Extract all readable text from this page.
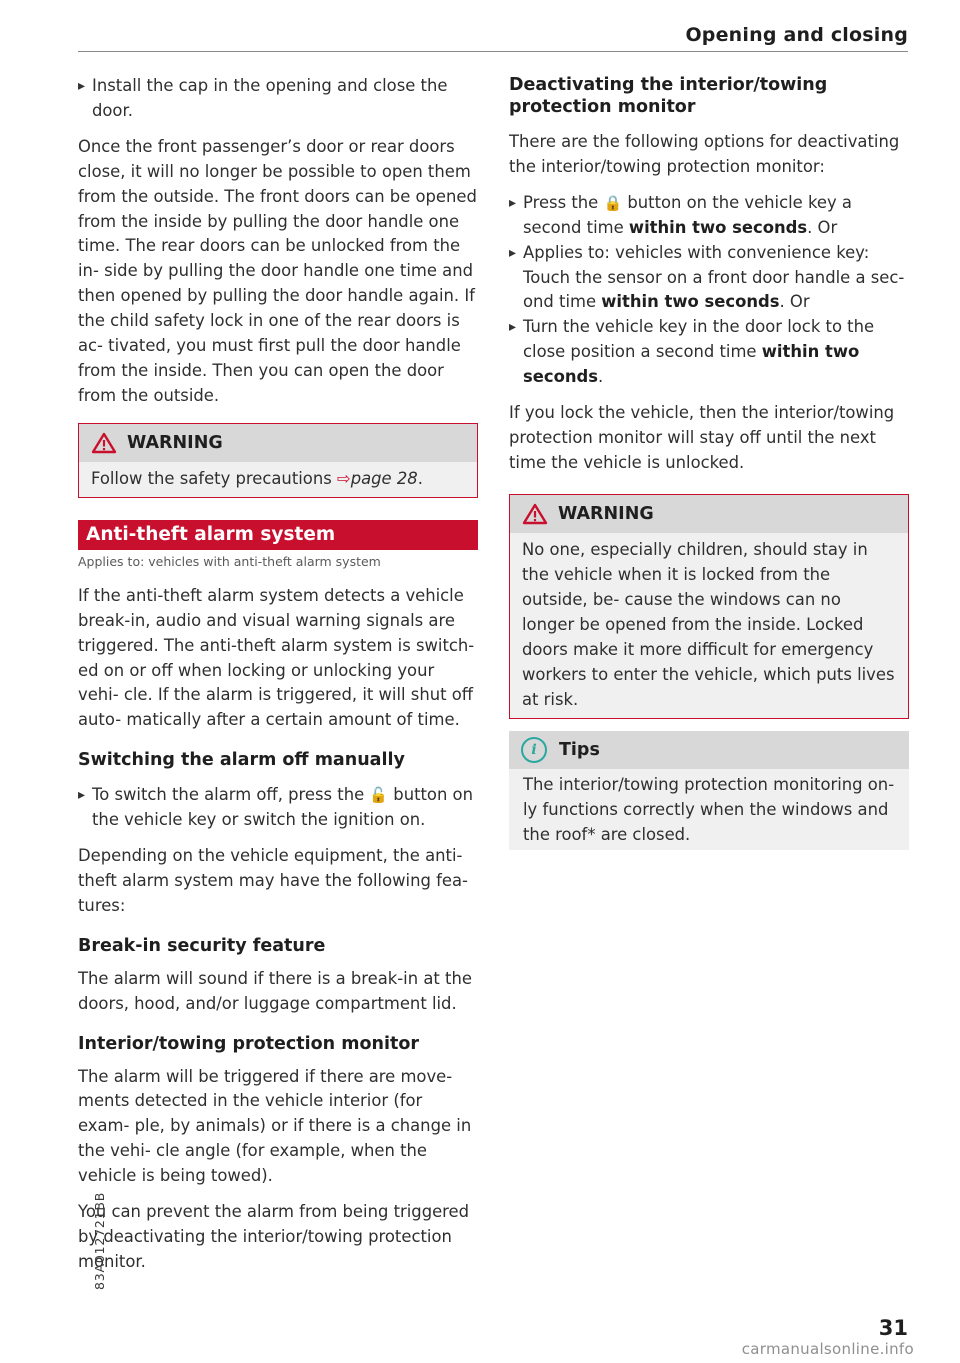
Opening and closing

▸ Install the cap in the opening and close the door.

Once the front passenger’s door or rear doors close, it will no longer be possible to open them from the outside. The front doors can be opened from the inside by pulling the door handle one time. The rear doors can be unlocked from the in- side by pulling the door handle one time and then opened by pulling the door handle again. If the child safety lock in one of the rear doors is ac- tivated, you must first pull the door handle from the inside. Then you can open the door from the outside.

WARNING

Follow the safety precautions ⇨page 28.

Anti-theft alarm system
Applies to: vehicles with anti-theft alarm system

If the anti-theft alarm system detects a vehicle break-in, audio and visual warning signals are triggered. The anti-theft alarm system is switch- ed on or off when locking or unlocking your vehi- cle. If the alarm is triggered, it will shut off auto- matically after a certain amount of time.

Switching the alarm off manually

▸ To switch the alarm off, press the 🔓 button on the vehicle key or switch the ignition on.

Depending on the vehicle equipment, the anti- theft alarm system may have the following fea- tures:

Break-in security feature

The alarm will sound if there is a break-in at the doors, hood, and/or luggage compartment lid.

Interior/towing protection monitor

The alarm will be triggered if there are move- ments detected in the vehicle interior (for exam- ple, by animals) or if there is a change in the vehi- cle angle (for example, when the vehicle is being towed).

You can prevent the alarm from being triggered by deactivating the interior/towing protection monitor.

Deactivating the interior/towing protection monitor

There are the following options for deactivating the interior/towing protection monitor:

▸ Press the 🔒 button on the vehicle key a second time within two seconds. Or

▸ Applies to: vehicles with convenience key: Touch the sensor on a front door handle a sec- ond time within two seconds. Or

▸ Turn the vehicle key in the door lock to the close position a second time within two seconds.

If you lock the vehicle, then the interior/towing protection monitor will stay off until the next time the vehicle is unlocked.

WARNING

No one, especially children, should stay in the vehicle when it is locked from the outside, be- cause the windows can no longer be opened from the inside. Locked doors make it more difficult for emergency workers to enter the vehicle, which puts lives at risk.

i	Tips

The interior/towing protection monitoring on- ly functions correctly when the windows and the roof* are closed.

83A012721BB
31
carmanualsonline.info
